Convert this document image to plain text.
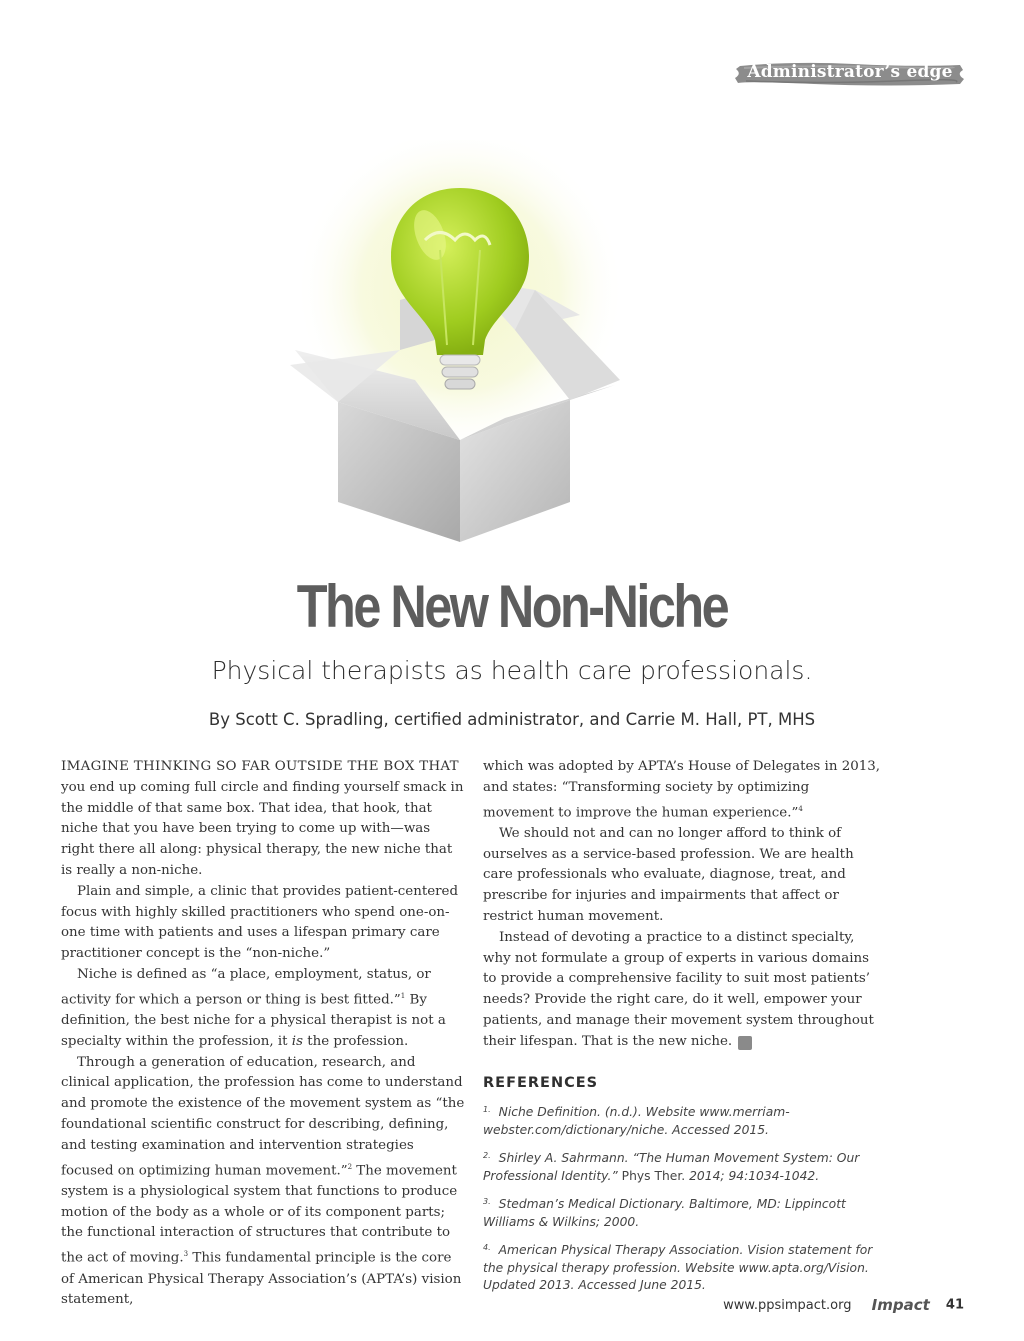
Administrator’s edge
The New Non-Niche

Physical therapists as health care professionals.

By Scott C. Spradling, certified administrator, and Carrie M. Hall, PT, MHS

IMAGINE THINKING SO FAR OUTSIDE THE BOX THAT you end up coming full circle and finding yourself smack in the middle of that same box. That idea, that hook, that niche that you have been trying to come up with—was right there all along: physical therapy, the new niche that is really a non-niche.

Plain and simple, a clinic that provides patient-centered focus with highly skilled practitioners who spend one-on-one time with patients and uses a lifespan primary care practitioner concept is the “non-niche.”

Niche is defined as “a place, employment, status, or activity for which a person or thing is best fitted.”$^1$ By definition, the best niche for a physical therapist is not a specialty within the profession, it is the profession.

Through a generation of education, research, and clinical application, the profession has come to understand and promote the existence of the movement system as “the foundational scientific construct for describing, defining, and testing examination and intervention strategies focused on optimizing human movement.”$^2$ The movement system is a physiological system that functions to produce motion of the body as a whole or of its component parts; the functional interaction of structures that contribute to the act of moving.$^3$ This fundamental principle is the core of American Physical Therapy Association’s (APTA’s) vision statement,

which was adopted by APTA’s House of Delegates in 2013, and states: “Transforming society by optimizing movement to improve the human experience.”$^4$

We should not and can no longer afford to think of ourselves as a service-based profession. We are health care professionals who evaluate, diagnose, treat, and prescribe for injuries and impairments that affect or restrict human movement.

Instead of devoting a practice to a distinct specialty, why not formulate a group of experts in various domains to provide a comprehensive facility to suit most patients’ needs? Provide the right care, do it well, empower your patients, and manage their movement system throughout their lifespan. That is the new niche. I

REFERENCES

$^{1.}$ Niche Definition. (n.d.). Website www.merriam-webster.com/dictionary/niche. Accessed 2015.

$^{2.}$ Shirley A. Sahrmann. “The Human Movement System: Our Professional Identity.” Phys Ther. 2014; 94:1034-1042.

$^{3.}$ Stedman’s Medical Dictionary. Baltimore, MD: Lippincott Williams & Wilkins; 2000.

$^{4.}$ American Physical Therapy Association. Vision statement for the physical therapy profession. Website www.apta.org/Vision. Updated 2013. Accessed June 2015.

www.ppsimpact.org Impact 41
